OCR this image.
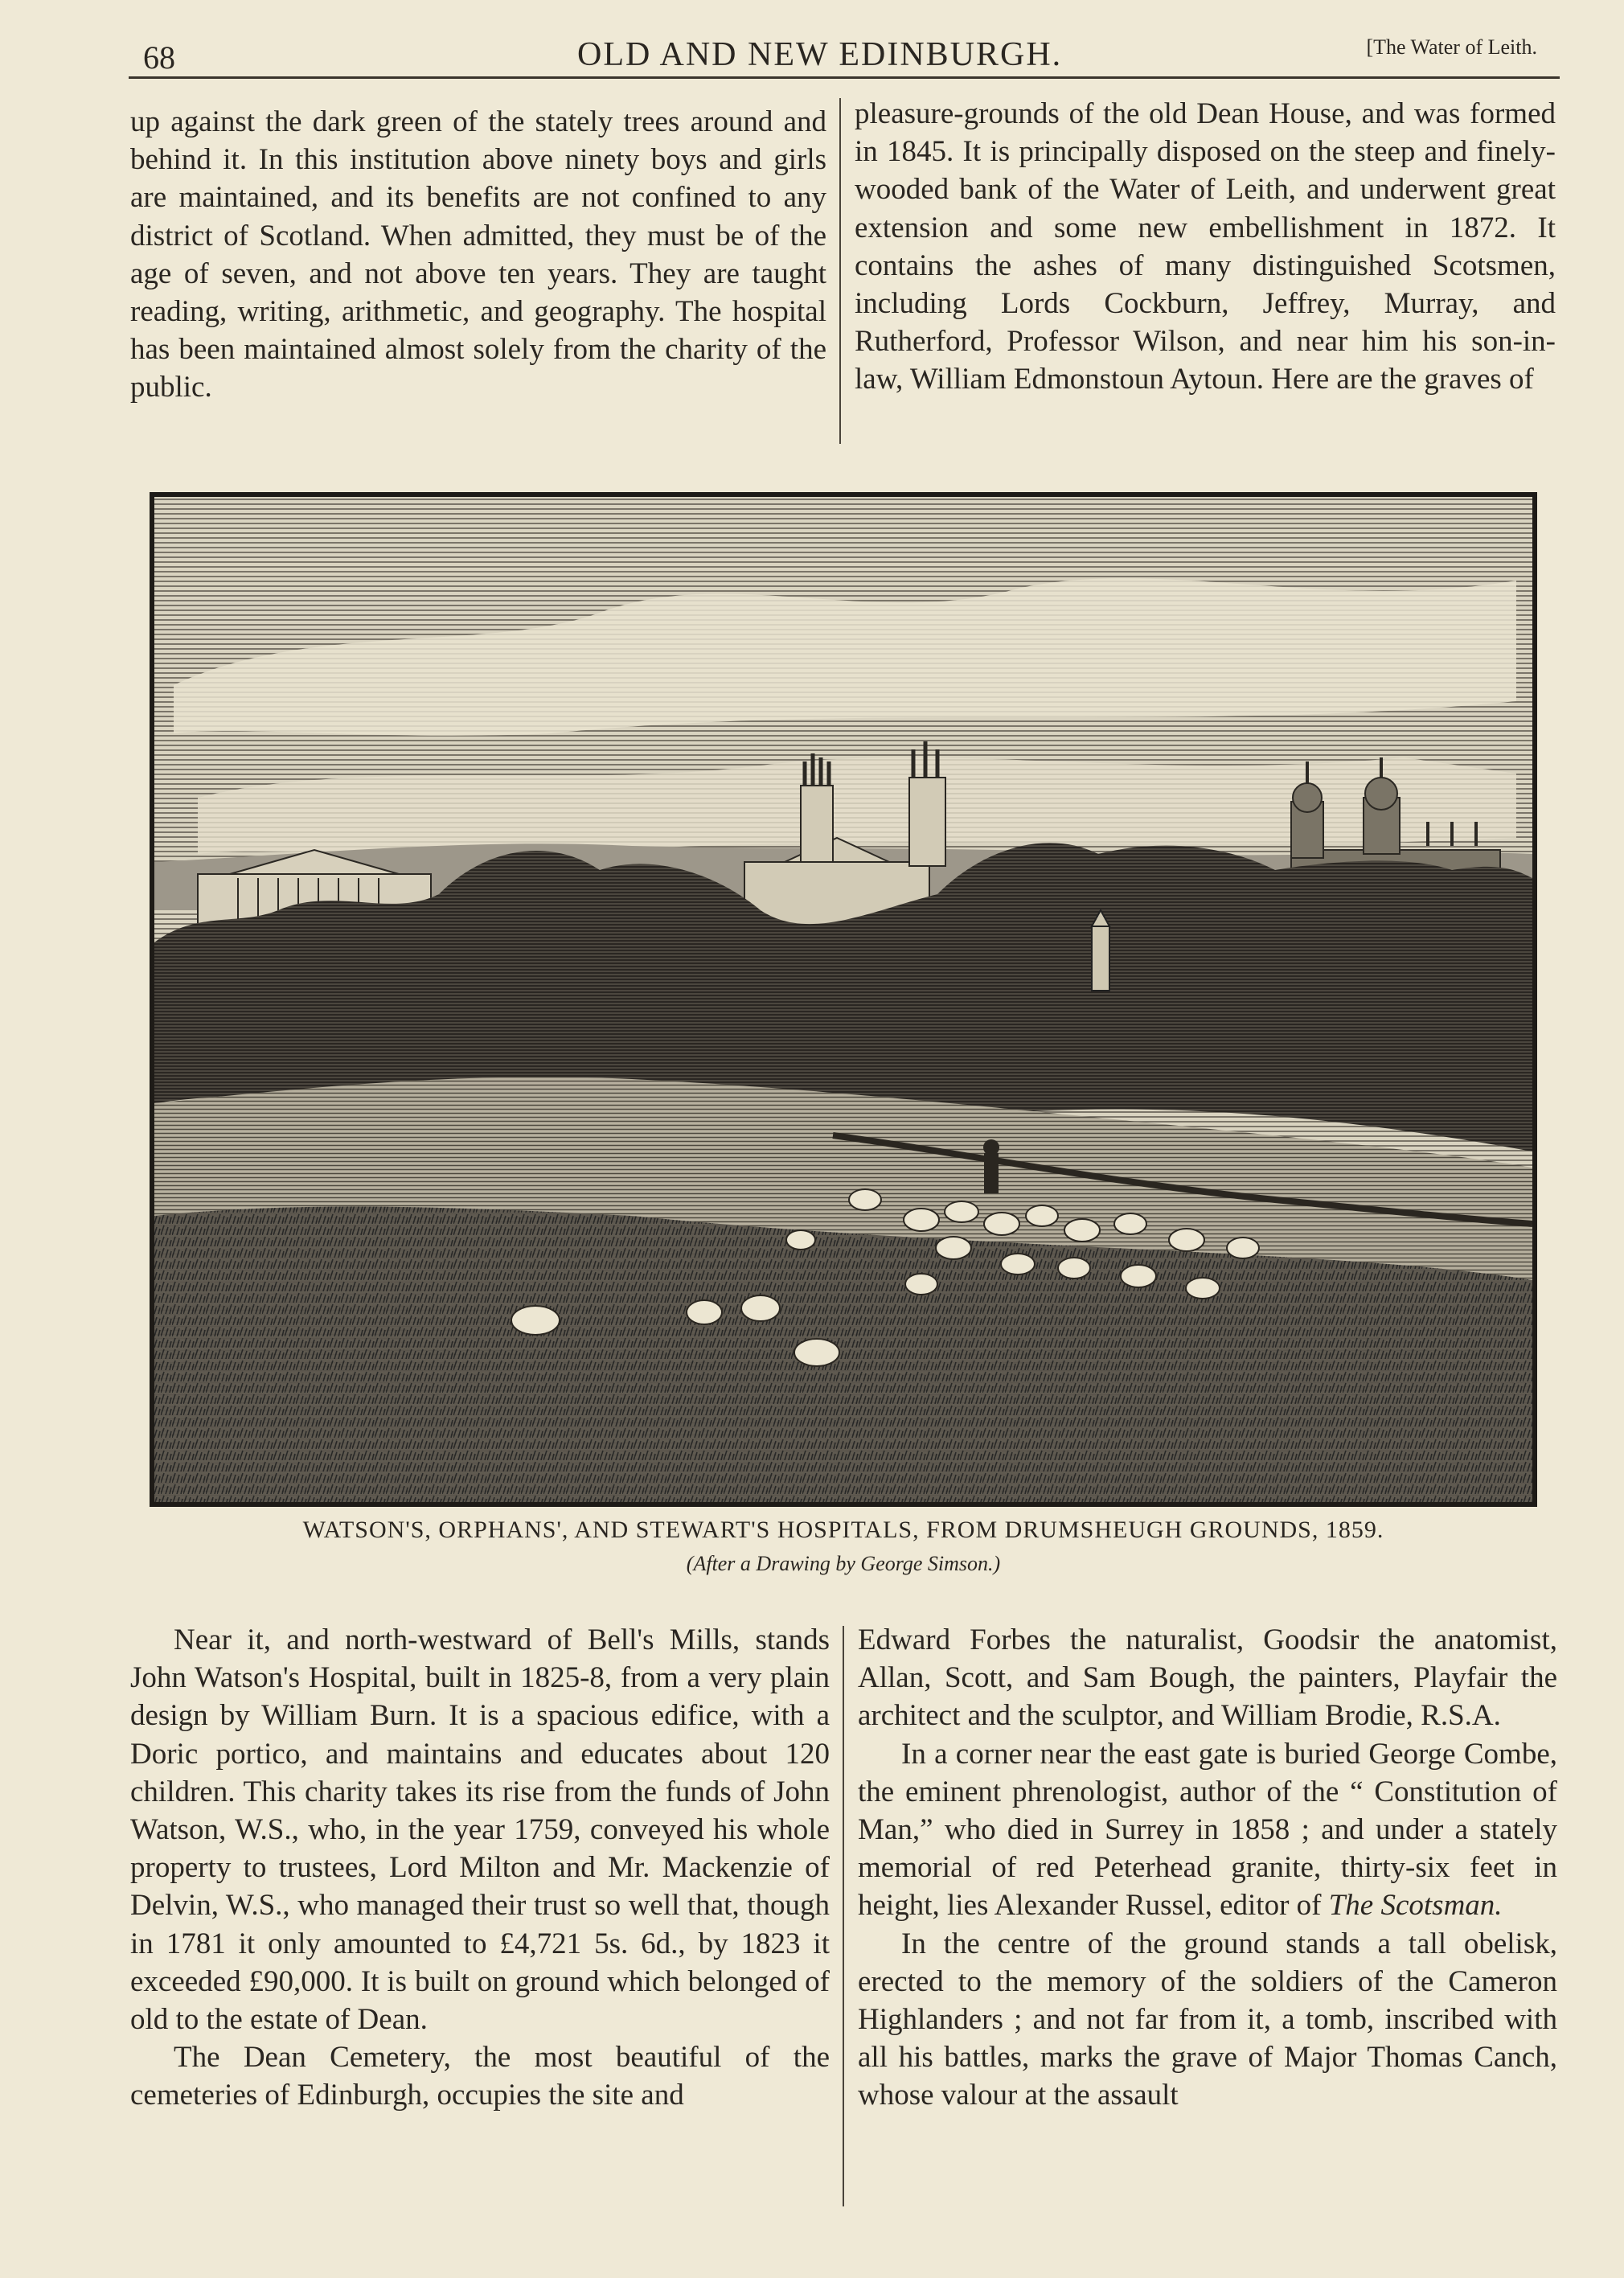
68	OLD AND NEW EDINBURGH.	[The Water of Leith.

up against the dark green of the stately trees around and behind it. In this institution above ninety boys and girls are maintained, and its benefits are not confined to any district of Scotland. When admitted, they must be of the age of seven, and not above ten years. They are taught reading, writing, arithmetic, and geography. The hospital has been maintained almost solely from the charity of the public.

pleasure-grounds of the old Dean House, and was formed in 1845. It is principally disposed on the steep and finely-wooded bank of the Water of Leith, and underwent great extension and some new embellishment in 1872. It contains the ashes of many distinguished Scotsmen, including Lords Cockburn, Jeffrey, Murray, and Rutherford, Professor Wilson, and near him his son-in-law, William Edmonstoun Aytoun. Here are the graves of

WATSON'S, ORPHANS', AND STEWART'S HOSPITALS, FROM DRUMSHEUGH GROUNDS, 1859.
(After a Drawing by George Simson.)

Near it, and north-westward of Bell's Mills, stands John Watson's Hospital, built in 1825-8, from a very plain design by William Burn. It is a spacious edifice, with a Doric portico, and maintains and educates about 120 children. This charity takes its rise from the funds of John Watson, W.S., who, in the year 1759, conveyed his whole property to trustees, Lord Milton and Mr. Mackenzie of Delvin, W.S., who managed their trust so well that, though in 1781 it only amounted to £4,721 5s. 6d., by 1823 it exceeded £90,000. It is built on ground which belonged of old to the estate of Dean.

The Dean Cemetery, the most beautiful of the cemeteries of Edinburgh, occupies the site and

Edward Forbes the naturalist, Goodsir the anatomist, Allan, Scott, and Sam Bough, the painters, Playfair the architect and the sculptor, and William Brodie, R.S.A.

In a corner near the east gate is buried George Combe, the eminent phrenologist, author of the “ Constitution of Man,” who died in Surrey in 1858 ; and under a stately memorial of red Peterhead granite, thirty-six feet in height, lies Alexander Russel, editor of The Scotsman.

In the centre of the ground stands a tall obelisk, erected to the memory of the soldiers of the Cameron Highlanders ; and not far from it, a tomb, inscribed with all his battles, marks the grave of Major Thomas Canch, whose valour at the assault
